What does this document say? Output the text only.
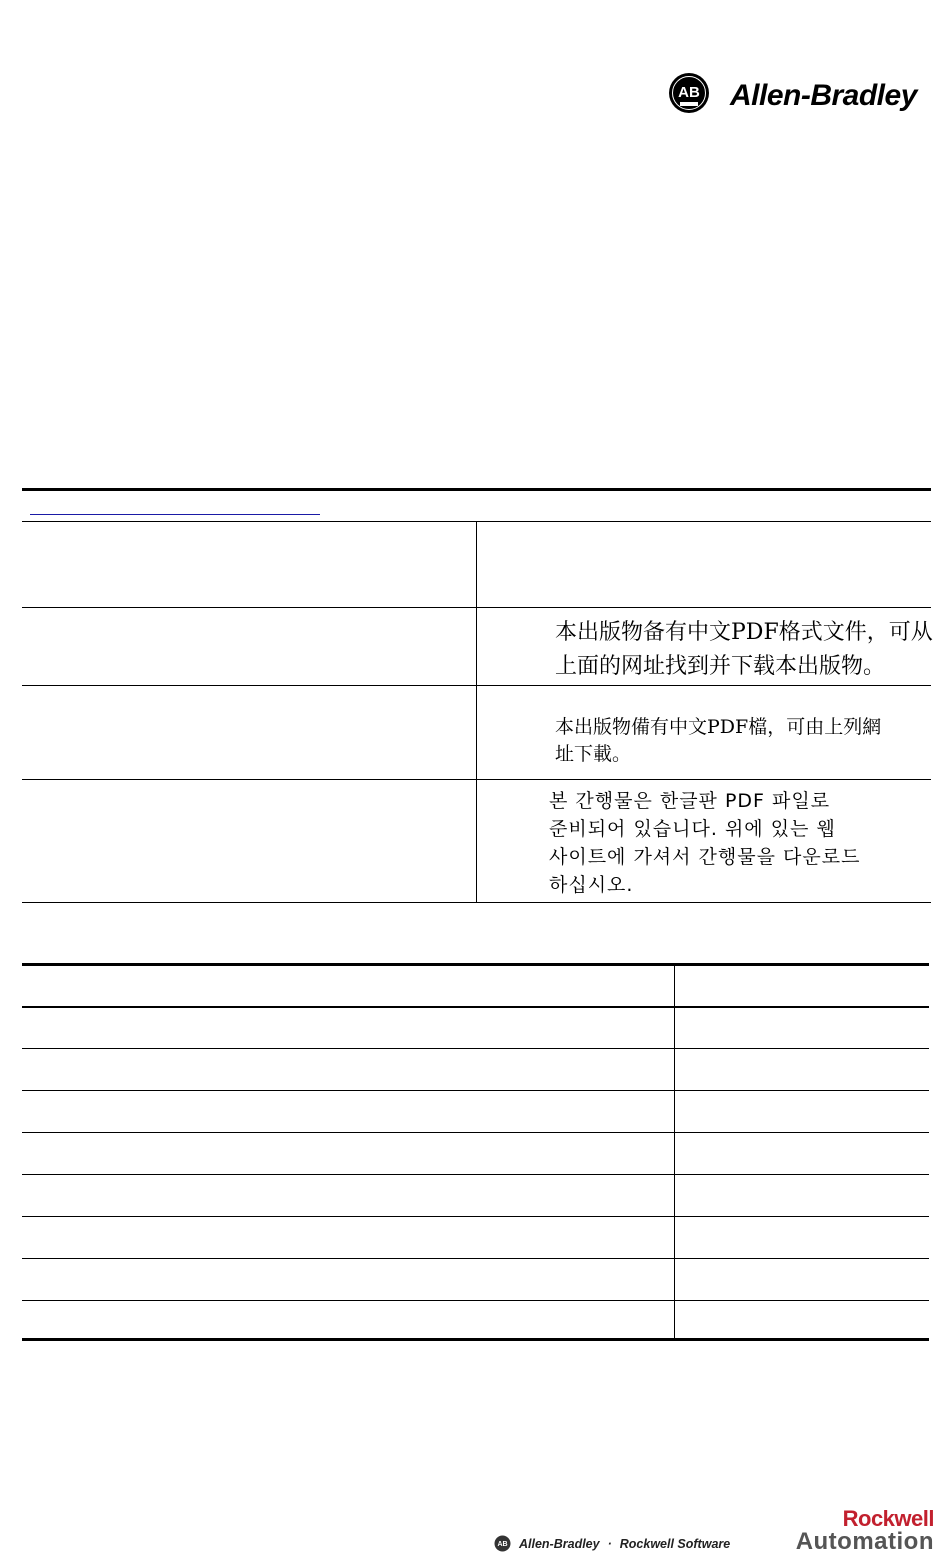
AB Allen-Bradley
本出版物备有中文PDF格式文件，可从
上面的网址找到并下载本出版物。
本出版物備有中文PDF檔，可由上列網
址下載。
본 간행물은 한글판 PDF 파일로
준비되어 있습니다. 위에 있는 웹
사이트에 가셔서 간행물을 다운로드
하십시오.
AB Allen-Bradley · Rockwell Software
Rockwell
Automation
